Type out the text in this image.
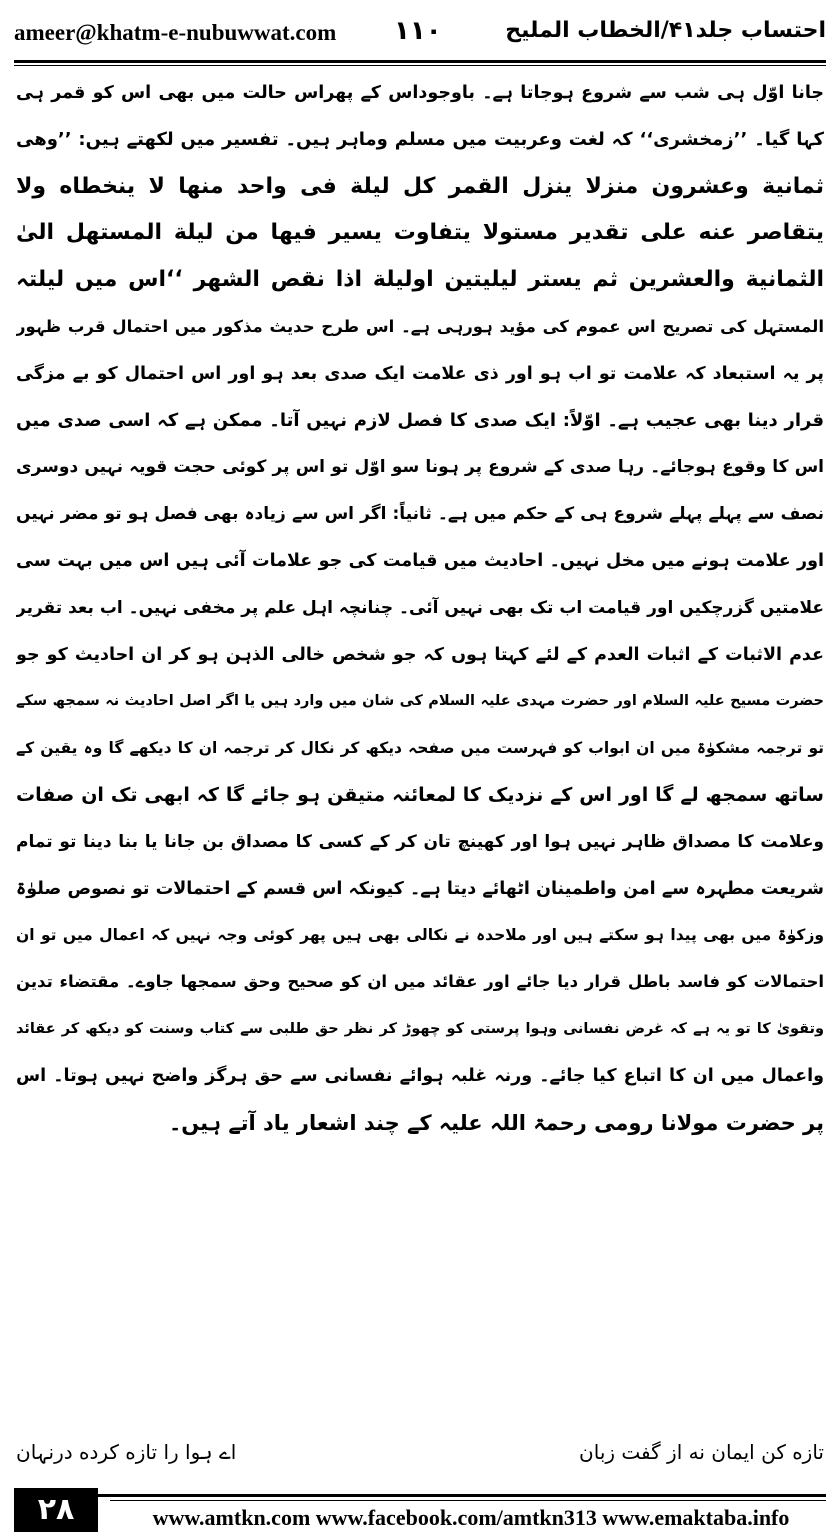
ameer@khatm-e-nubuwwat.com ۱۱۰	احتساب جلد۴۱/الخطاب الملیح
جانا اوّل ہی شب سے شروع ہوجاتا ہے۔ باوجوداس کے پھراس حالت میں بھی اس کو قمر ہی
کہا گیا۔ ’’زمخشری‘‘ کہ لغت وعربیت میں مسلم وماہر ہیں۔ تفسیر میں لکھتے ہیں: ’’وھی
ثمانية وعشرون منزلا ينزل القمر كل ليلة فى واحد منها لا ينخطاه ولا
يتقاصر عنه على تقدير مستولا يتفاوت يسير فيها من ليلة المستهل الىٰ
الثمانية والعشرين ثم يستر ليليتين اوليلة اذا نقص الشهر ‘‘اس میں لیلتہ
المستہل کی تصریح اس عموم کی مؤید ہورہی ہے۔ اس طرح حدیث مذکور میں احتمال قرب ظہور
پر یہ استبعاد کہ علامت تو اب ہو اور ذی علامت ایک صدی بعد ہو اور اس احتمال کو بے مزگی
قرار دینا بھی عجیب ہے۔ اوّلاً: ایک صدی کا فصل لازم نہیں آتا۔ ممکن ہے کہ اسی صدی میں
اس کا وقوع ہوجائے۔ رہا صدی کے شروع پر ہونا سو اوّل تو اس پر کوئی حجت قویہ نہیں دوسری
نصف سے پہلے پہلے شروع ہی کے حکم میں ہے۔ ثانیاً: اگر اس سے زیادہ بھی فصل ہو تو مضر نہیں
اور علامت ہونے میں مخل نہیں۔ احادیث میں قیامت کی جو علامات آئی ہیں اس میں بہت سی
علامتیں گزرچکیں اور قیامت اب تک بھی نہیں آئی۔ چنانچہ اہل علم پر مخفی نہیں۔ اب بعد تقریر
عدم الاثبات کے اثبات العدم کے لئے کہتا ہوں کہ جو شخص خالی الذہن ہو کر ان احادیث کو جو
حضرت مسیح علیہ السلام اور حضرت مہدی علیہ السلام کی شان میں وارد ہیں یا اگر اصل احادیث نہ سمجھ سکے
تو ترجمہ مشکوٰۃ میں ان ابواب کو فہرست میں صفحہ دیکھ کر نکال کر ترجمہ ان کا دیکھے گا وہ یقین کے
ساتھ سمجھ لے گا اور اس کے نزدیک کا لمعائنہ متیقن ہو جائے گا کہ ابھی تک ان صفات
وعلامت کا مصداق ظاہر نہیں ہوا اور کھینچ تان کر کے کسی کا مصداق بن جانا یا بنا دینا تو تمام
شریعت مطہرہ سے امن واطمینان اٹھائے دیتا ہے۔ کیونکہ اس قسم کے احتمالات تو نصوص صلوٰۃ
وزکوٰۃ میں بھی پیدا ہو سکتے ہیں اور ملاحدہ نے نکالی بھی ہیں پھر کوئی وجہ نہیں کہ اعمال میں تو ان
احتمالات کو فاسد باطل قرار دیا جائے اور عقائد میں ان کو صحیح وحق سمجھا جاوے۔ مقتضاء تدین
وتقویٰ کا تو یہ ہے کہ غرض نفسانی وہوا پرستی کو چھوڑ کر نظر حق طلبی سے کتاب وسنت کو دیکھ کر عقائد
واعمال میں ان کا اتباع کیا جائے۔ ورنہ غلبہ ہوائے نفسانی سے حق ہرگز واضح نہیں ہوتا۔ اس
پر حضرت مولانا رومی رحمۃ اللہ علیہ کے چند اشعار یاد آتے ہیں۔
تازه کن ایمان نه از گفت زبان
اے ہوا را تازه کرده درنہان
۲۸	www.amtkn.com www.facebook.com/amtkn313 www.emaktaba.info
